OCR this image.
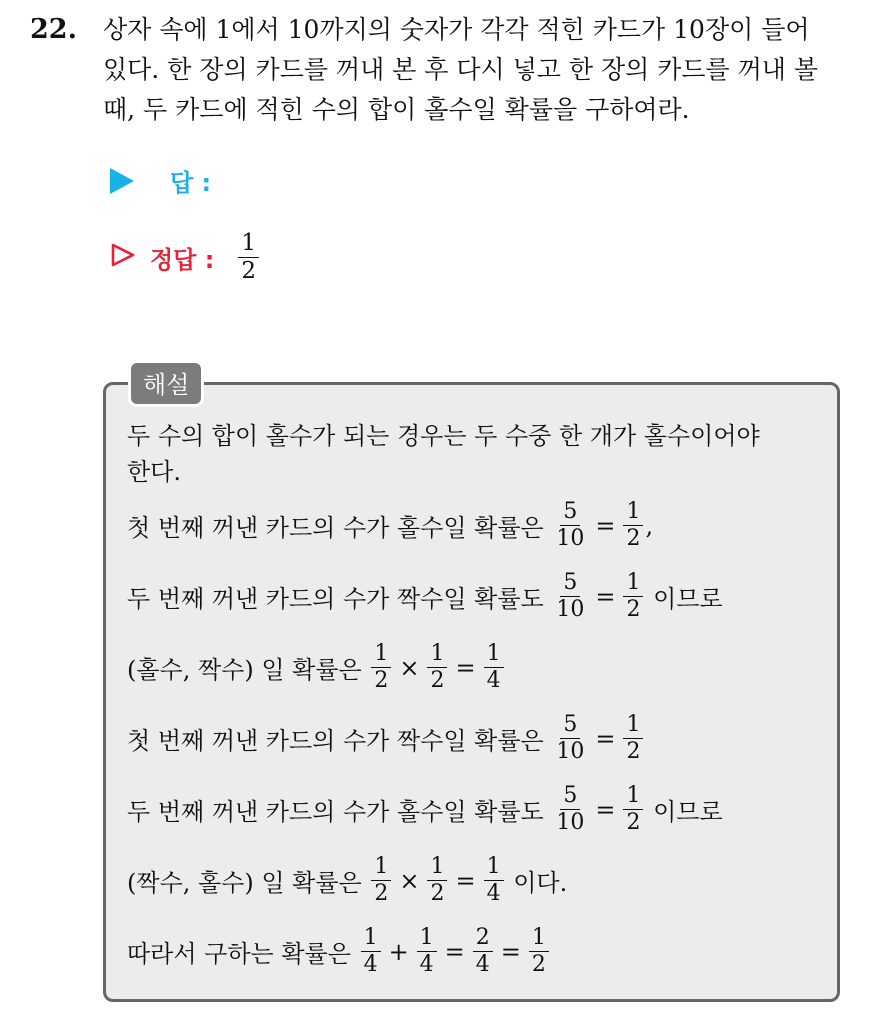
22. 상자 속에 1에서 10까지의 숫자가 각각 적힌 카드가 10장이 들어
있다. 한 장의 카드를 꺼내 본 후 다시 넣고 한 장의 카드를 꺼내 볼
때, 두 카드에 적힌 수의 합이 홀수일 확률을 구하여라.
답 :
정답 : $\frac{1}{2}$
해설
두 수의 합이 홀수가 되는 경우는 두 수중 한 개가 홀수이어야
한다.
첫 번째 꺼낸 카드의 수가 홀수일 확률은
$\frac{5}{10} = \frac{1}{2}$ ,
두 번째 꺼낸 카드의 수가 짝수일 확률도
$\frac{5}{10} = \frac{1}{2}$
이므로
(홀수, 짝수) 일 확률은
$\frac{1}{2} \times \frac{1}{2} = \frac{1}{4}$
첫 번째 꺼낸 카드의 수가 짝수일 확률은
$\frac{5}{10} = \frac{1}{2}$
두 번째 꺼낸 카드의 수가 홀수일 확률도
$\frac{5}{10} = \frac{1}{2}$
이므로
(짝수, 홀수) 일 확률은
$\frac{1}{2} \times \frac{1}{2} = \frac{1}{4}$
이다.
따라서 구하는 확률은
$\frac{1}{4} + \frac{1}{4} = \frac{2}{4} = \frac{1}{2}$
